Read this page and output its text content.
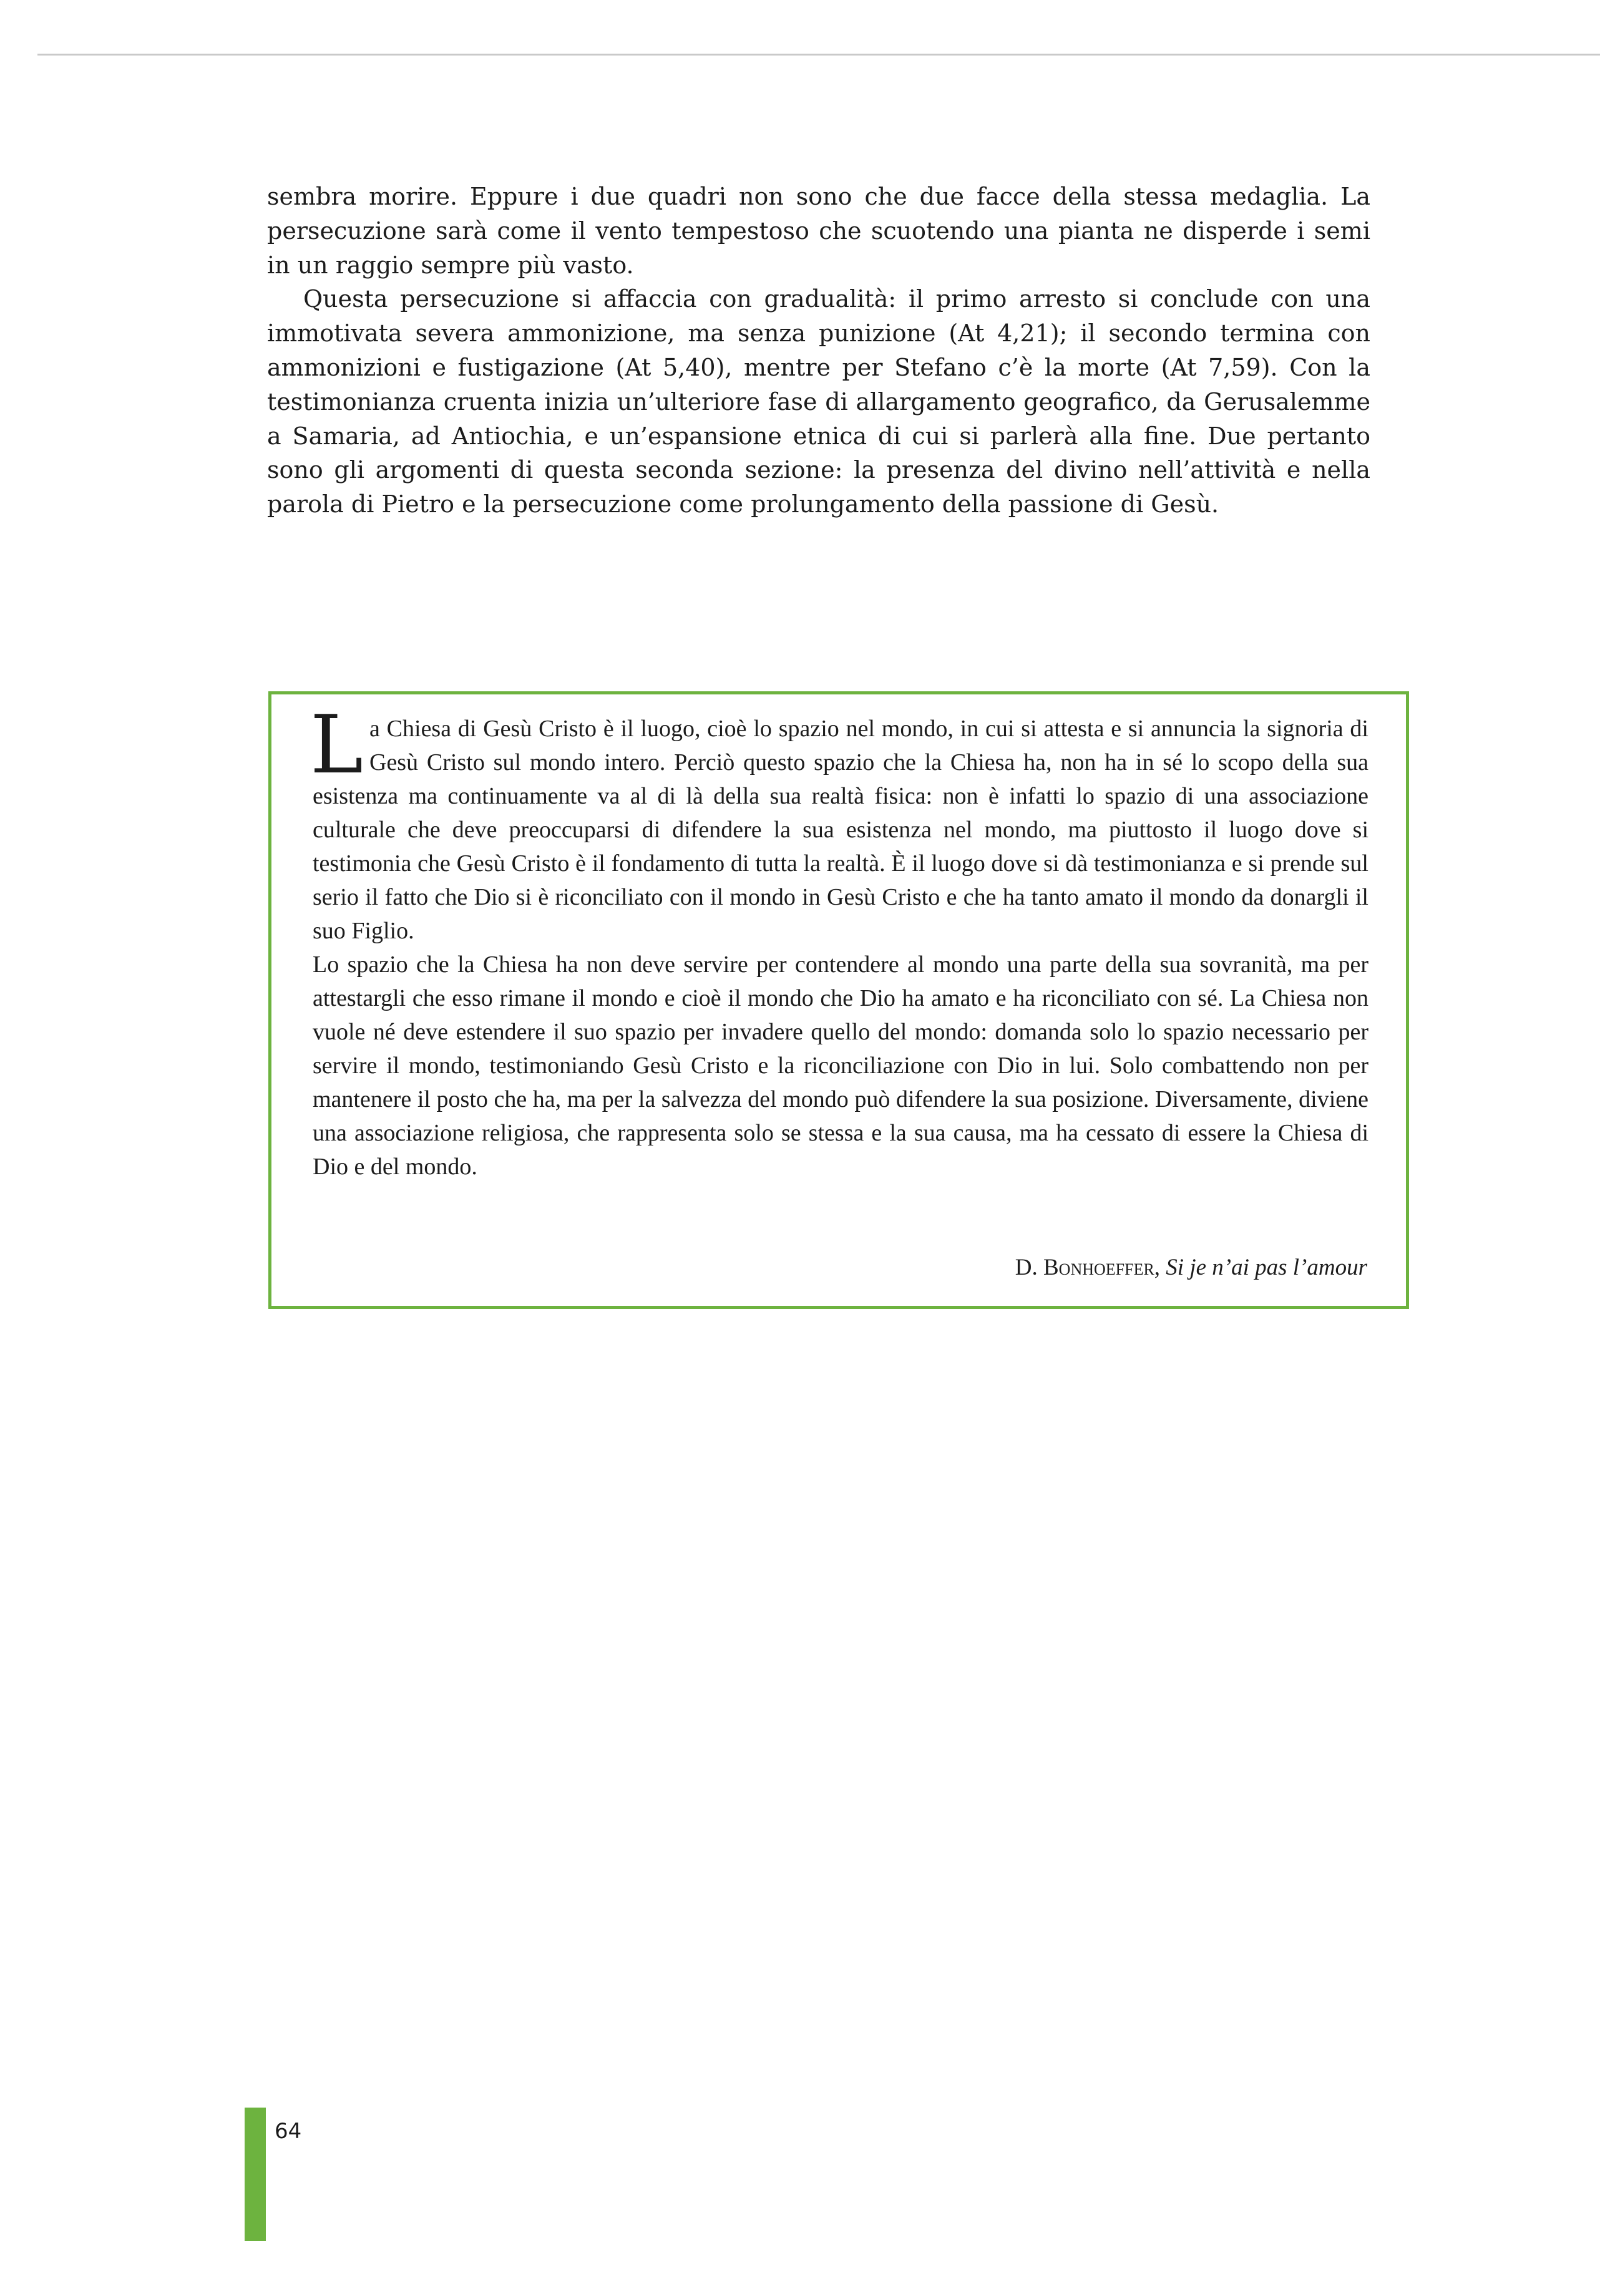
sembra morire. Eppure i due quadri non sono che due facce della stessa medaglia. La persecuzione sarà come il vento tempestoso che scuotendo una pianta ne disperde i semi in un raggio sempre più vasto.

Questa persecuzione si affaccia con gradualità: il primo arresto si conclude con una immotivata severa ammonizione, ma senza punizione (At 4,21); il secondo termina con ammonizioni e fustigazione (At 5,40), mentre per Stefano c’è la morte (At 7,59). Con la testimonianza cruenta inizia un’ulteriore fase di allargamento geografico, da Gerusalemme a Samaria, ad Antiochia, e un’espansione etnica di cui si parlerà alla fine. Due pertanto sono gli argomenti di questa seconda sezione: la presenza del divino nell’attività e nella parola di Pietro e la persecuzione come prolungamento della passione di Gesù.

La Chiesa di Gesù Cristo è il luogo, cioè lo spazio nel mondo, in cui si attesta e si annuncia la signoria di Gesù Cristo sul mondo intero. Perciò questo spazio che la Chiesa ha, non ha in sé lo scopo della sua esistenza ma continuamente va al di là della sua realtà fisica: non è infatti lo spazio di una associazione culturale che deve preoccuparsi di difendere la sua esistenza nel mondo, ma piuttosto il luogo dove si testimonia che Gesù Cristo è il fondamento di tutta la realtà. È il luogo dove si dà testimonianza e si prende sul serio il fatto che Dio si è riconciliato con il mondo in Gesù Cristo e che ha tanto amato il mondo da donargli il suo Figlio.

Lo spazio che la Chiesa ha non deve servire per contendere al mondo una parte della sua sovranità, ma per attestargli che esso rimane il mondo e cioè il mondo che Dio ha amato e ha riconciliato con sé. La Chiesa non vuole né deve estendere il suo spazio per invadere quello del mondo: domanda solo lo spazio necessario per servire il mondo, testimoniando Gesù Cristo e la riconciliazione con Dio in lui. Solo combattendo non per mantenere il posto che ha, ma per la salvezza del mondo può difendere la sua posizione. Diversamente, diviene una associazione religiosa, che rappresenta solo se stessa e la sua causa, ma ha cessato di essere la Chiesa di Dio e del mondo.

D. Bonhoeffer, Si je n’ai pas l’amour
64
